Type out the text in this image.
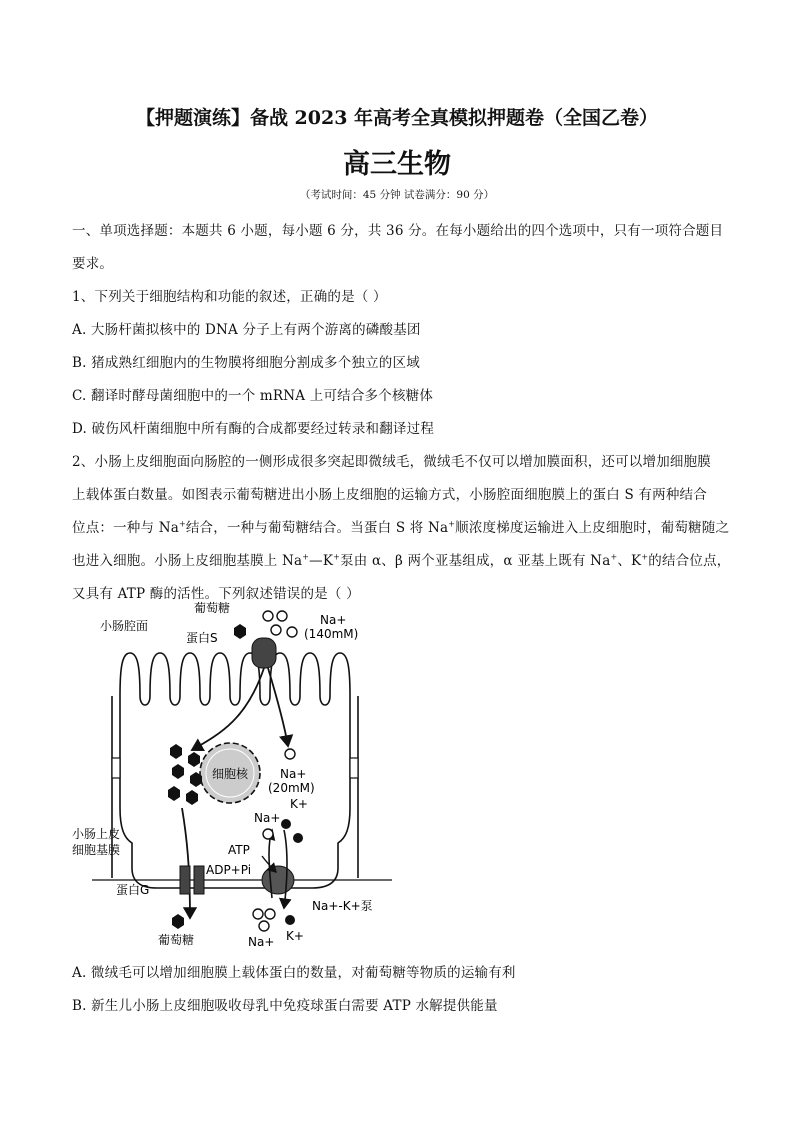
【押题演练】备战 2023 年高考全真模拟押题卷（全国乙卷）
高三生物
（考试时间：45 分钟 试卷满分：90 分）
一、单项选择题：本题共 6 小题，每小题 6 分，共 36 分。在每小题给出的四个选项中，只有一项符合题目
要求。
1、下列关于细胞结构和功能的叙述，正确的是（ ）
A. 大肠杆菌拟核中的 DNA 分子上有两个游离的磷酸基团
B. 猪成熟红细胞内的生物膜将细胞分割成多个独立的区域
C. 翻译时酵母菌细胞中的一个 mRNA 上可结合多个核糖体
D. 破伤风杆菌细胞中所有酶的合成都要经过转录和翻译过程
2、小肠上皮细胞面向肠腔的一侧形成很多突起即微绒毛，微绒毛不仅可以增加膜面积，还可以增加细胞膜
上载体蛋白数量。如图表示葡萄糖进出小肠上皮细胞的运输方式，小肠腔面细胞膜上的蛋白 S 有两种结合
位点：一种与 Na+结合，一种与葡萄糖结合。当蛋白 S 将 Na+顺浓度梯度运输进入上皮细胞时，葡萄糖随之
也进入细胞。小肠上皮细胞基膜上 Na+—K+泵由 α、β 两个亚基组成，α 亚基上既有 Na+、K+的结合位点，
又具有 ATP 酶的活性。下列叙述错误的是（ ）
小肠腔面
葡萄糖
蛋白S
Na+
(140mM)
细胞核	Na+
(20mM)
小肠上皮
细胞基膜
Na+
K+
ATP
ADP+Pi
蛋白G
Na+-K+泵
葡萄糖	Na+ K+
A. 微绒毛可以增加细胞膜上载体蛋白的数量，对葡萄糖等物质的运输有利
B. 新生儿小肠上皮细胞吸收母乳中免疫球蛋白需要 ATP 水解提供能量
